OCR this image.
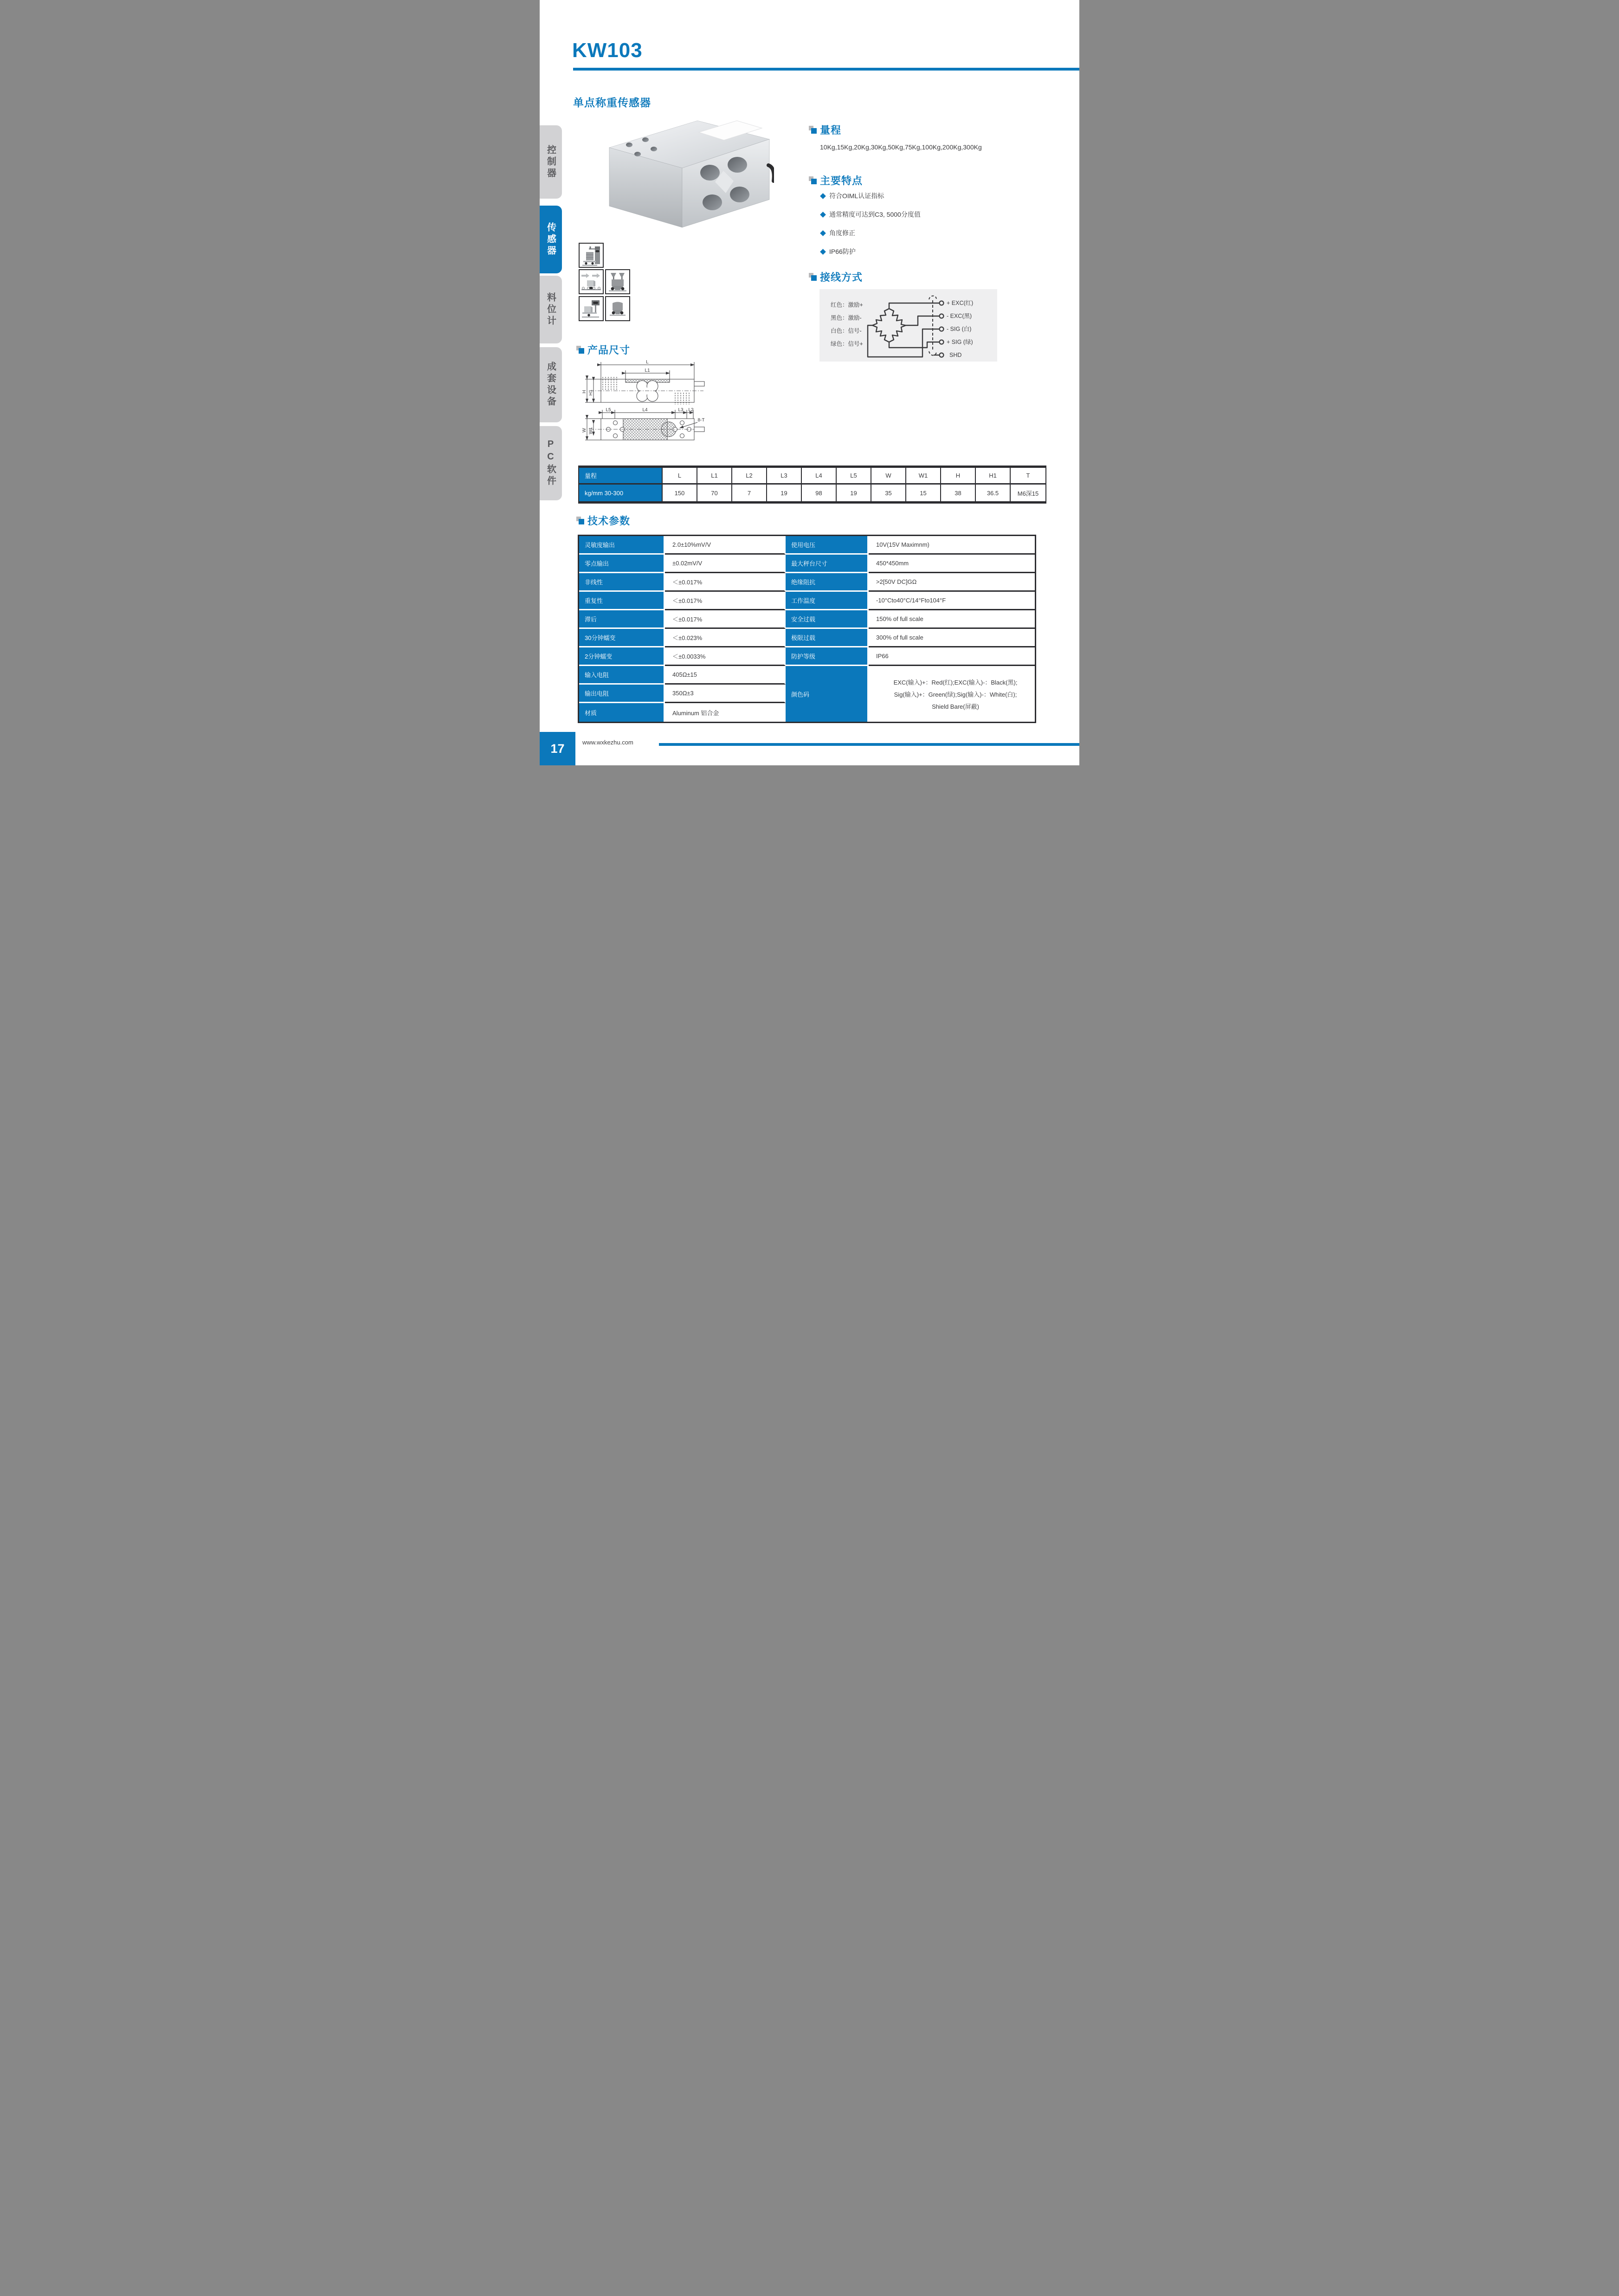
KW103
单点称重传感器
控制器
传感器
料位计
成套设备
PC软件
量程
10Kg,15Kg,20Kg,30Kg,50Kg,75Kg,100Kg,200Kg,300Kg
主要特点
符合OIML认证指标
通常精度可达到C3, 5000分度值
角度修正
IP66防护
接线方式
红色：激励+
黑色：激励-
白色：信号-
绿色：信号+
+ EXC(红)
- EXC(黑)
- SIG (白)
+ SIG (绿)
SHD
产品尺寸
L
L1
H H1
L5	L4	L3 L2
W W1
8-T
量程	L	L1	L2	L3	L4	L5	W	W1	H	H1	T
kg/mm 30-300	150	70	7	19	98	19	35	15	38	36.5	M6深15
技术参数
灵敏度输出	2.0±10%mV/V	使用电压	10V(15V Maximnm)
零点输出	±0.02mV/V	最大秤台尺寸	450*450mm
非线性	＜±0.017%	绝缘阻抗	>2[50V DC]GΩ
重复性	＜±0.017%	工作温度	-10°Cto40°C/14°Fto104°F
滞后	＜±0.017%	安全过载	150% of full scale
30分钟蠕变	＜±0.023%	极限过载	300% of full scale
2分钟蠕变	＜±0.0033%	防护等级	IP66
输入电阻	405Ω±15
颜色码
EXC(输入)+：Red(红);EXC(输入)-：Black(黑);
Sig(输入)+：Green(绿);Sig(输入)-：White(白);
Shield Bare(屏蔽)
输出电阻	350Ω±3
材质	Aluminum 铝合金
17	www.wxkezhu.com
